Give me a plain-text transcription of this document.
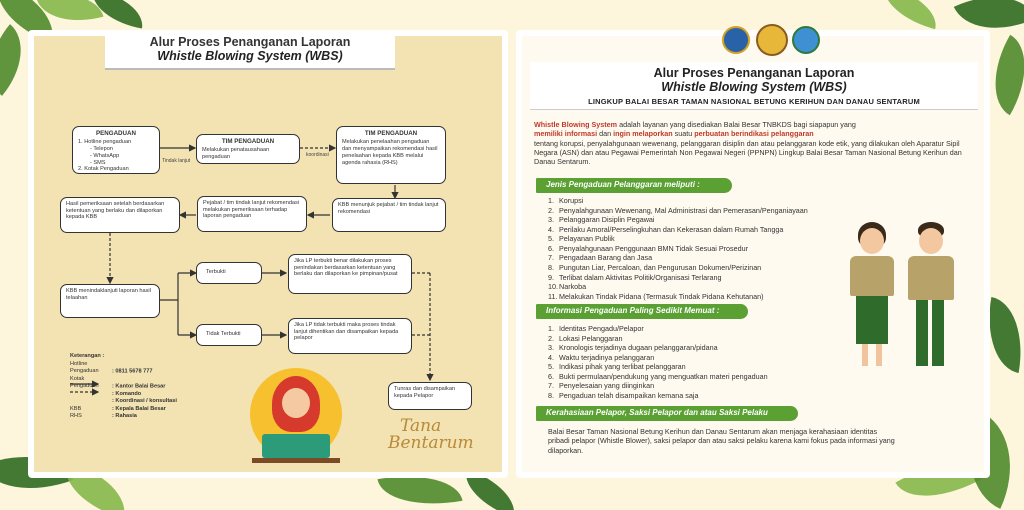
Alur Proses Penanganan Laporan
Whistle Blowing System (WBS)
PENGADUAN
1. Hotline pengaduan
- Telepon
- WhatsApp
- SMS
2. Kotak Pengaduan
Tindak lanjut
TIM PENGADUAN
Melakukan penatausahaan pengaduan	koordinasi
TIM PENGADUAN
Melakukan penelaahan pengaduan dan menyampaikan rekomendasi hasil penelaahan kepada KBB melalui agenda rahasia (RHS)
KBB menunjuk pejabat / tim tindak lanjut rekomendasi
Pejabat / tim tindak lanjut rekomendasi melakukan pemeriksaan terhadap laporan pengaduan
Hasil pemeriksaan setelah berdasarkan ketentuan yang berlaku dan dilaporkan kepada KBB
KBB menindaklanjuti laporan hasil telaahan
Terbukti
Tidak Terbukti
Jika LP terbukti benar dilakukan proses penindakan berdasarkan ketentuan yang berlaku dan dilaporkan ke pimpinan/pusat
Jika LP tidak terbukti maka proses tindak lanjut dihentikan dan disampaikan kepada pelapor
Tunras dan disampaikan kepada Pelapor
Keterangan :
Hotline Pengaduan : 0811 5678 777
Kotak Pengaduan : Kantor Balai Besar
: Komando
: Koordinasi / konsultasi
KBB	: Kepala Balai Besar
RHS	: Rahasia	Tana
Bentarum
Alur Proses Penanganan Laporan
Whistle Blowing System (WBS)
LINGKUP BALAI BESAR TAMAN NASIONAL BETUNG KERIHUN DAN DANAU SENTARUM
Whistle Blowing System adalah layanan yang disediakan Balai Besar TNBKDS bagi siapapun yang
memiliki informasi dan ingin melaporkan suatu perbuatan berindikasi pelanggaran
tentang korupsi, penyalahgunaan wewenang, pelanggaran disiplin dan atau pelanggaran kode etik, yang dilakukan oleh Aparatur Sipil Negara (ASN) dan atau Pegawai Pemerintah Non Pegawai Negeri (PPNPN) Lingkup Balai Besar Taman Nasional Betung Kerihun dan Danau Sentarum.
Jenis Pengaduan Pelanggaran meliputi :
1. Korupsi
2. Penyalahgunaan Wewenang, Mal Administrasi dan Pemerasan/Penganiayaan
3. Pelanggaran Disiplin Pegawai
4. Perilaku Amoral/Perselingkuhan dan Kekerasan dalam Rumah Tangga
5. Pelayanan Publik
6. Penyalahgunaan Penggunaan BMN Tidak Sesuai Prosedur
7. Pengadaan Barang dan Jasa
8. Pungutan Liar, Percaloan, dan Pengurusan Dokumen/Perizinan
9. Terlibat dalam Aktivitas Politik/Organisasi Terlarang
10.Narkoba
11. Melakukan Tindak Pidana (Termasuk Tindak Pidana Kehutanan)
Informasi Pengaduan Paling Sedikit Memuat :
1. Identitas Pengadu/Pelapor
2. Lokasi Pelanggaran
3. Kronologis terjadinya dugaan pelanggaran/pidana
4. Waktu terjadinya pelanggaran
5. Indikasi pihak yang terlibat pelanggaran
6. Bukti permulaan/pendukung yang menguatkan materi pengaduan
7. Penyelesaian yang diinginkan
8. Pengaduan telah disampaikan kemana saja
Kerahasiaan Pelapor, Saksi Pelapor dan atau Saksi Pelaku
Balai Besar Taman Nasional Betung Kerihun dan Danau Sentarum akan menjaga kerahasiaan identitas pribadi pelapor (Whistle Blower), saksi pelapor dan atau saksi pelaku karena kami fokus pada informasi yang dilaporkan.
